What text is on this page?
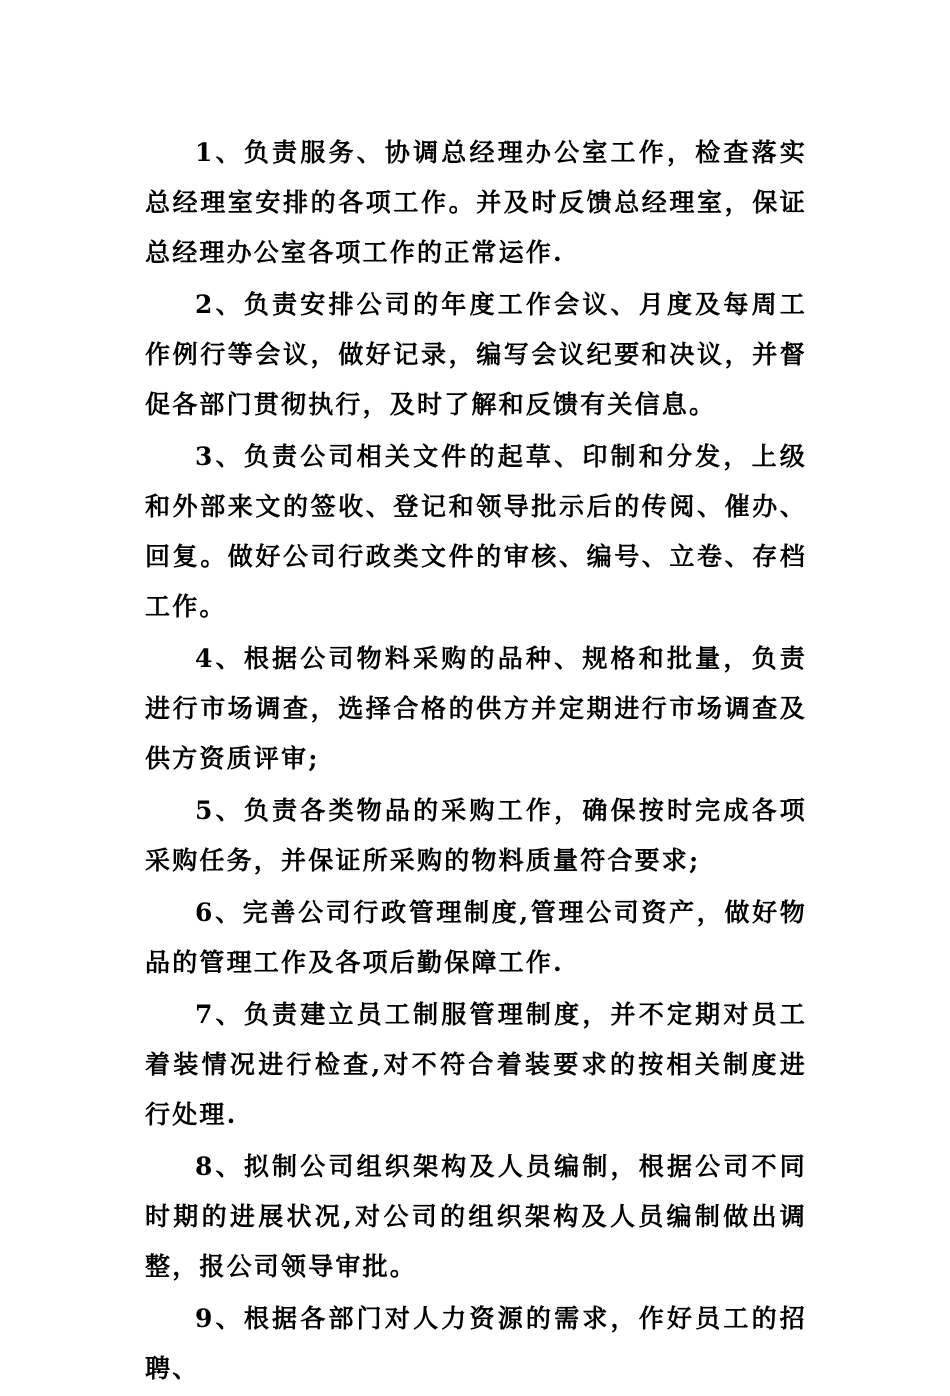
1、负责服务、协调总经理办公室工作，检查落实总经理室安排的各项工作。并及时反馈总经理室，保证总经理办公室各项工作的正常运作.

2、负责安排公司的年度工作会议、月度及每周工作例行等会议，做好记录，编写会议纪要和决议，并督促各部门贯彻执行，及时了解和反馈有关信息。

3、负责公司相关文件的起草、印制和分发，上级和外部来文的签收、登记和领导批示后的传阅、催办、回复。做好公司行政类文件的审核、编号、立卷、存档工作。

4、根据公司物料采购的品种、规格和批量，负责进行市场调查，选择合格的供方并定期进行市场调查及供方资质评审;

5、负责各类物品的采购工作，确保按时完成各项采购任务，并保证所采购的物料质量符合要求;

6、完善公司行政管理制度,管理公司资产，做好物品的管理工作及各项后勤保障工作.

7、负责建立员工制服管理制度，并不定期对员工着装情况进行检查,对不符合着装要求的按相关制度进行处理.

8、拟制公司组织架构及人员编制，根据公司不同时期的进展状况,对公司的组织架构及人员编制做出调整，报公司领导审批。

9、根据各部门对人力资源的需求，作好员工的招聘、
